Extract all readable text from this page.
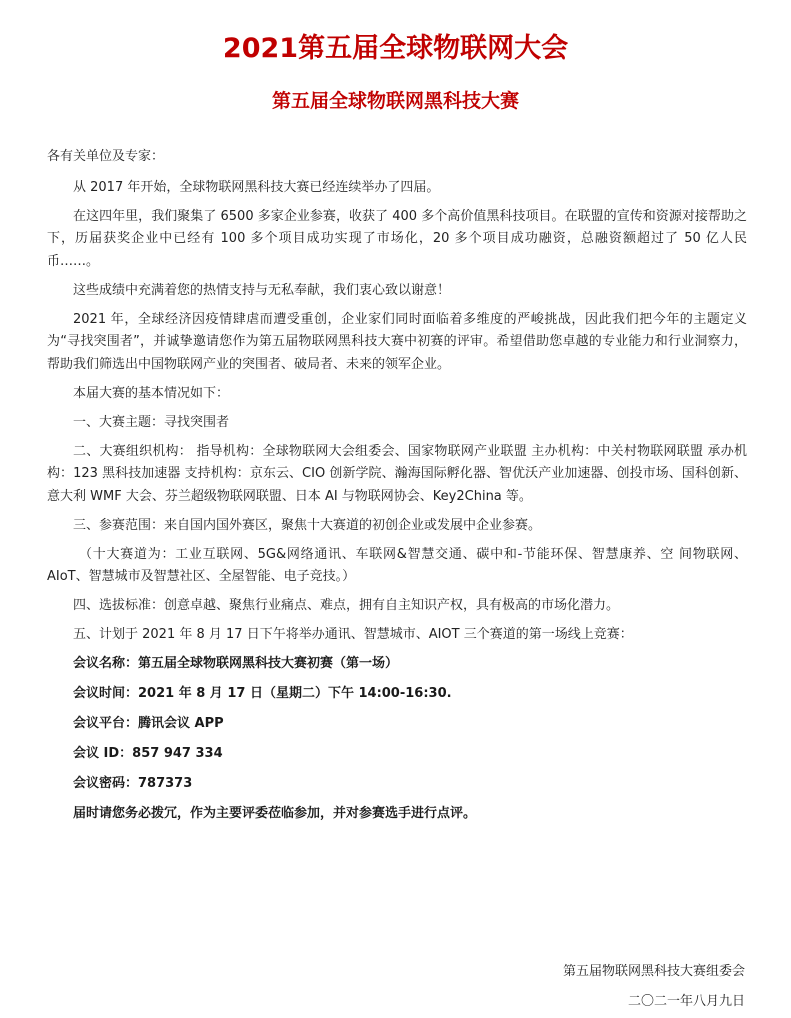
2021第五届全球物联网大会
第五届全球物联网黑科技大赛
各有关单位及专家：

从 2017 年开始，全球物联网黑科技大赛已经连续举办了四届。

在这四年里，我们聚集了 6500 多家企业参赛，收获了 400 多个高价值黑科技项目。在联盟的宣传和资源对接帮助之下，历届获奖企业中已经有 100 多个项目成功实现了市场化，20 多个项目成功融资，总融资额超过了 50 亿人民币……。

这些成绩中充满着您的热情支持与无私奉献，我们衷心致以谢意！

2021 年，全球经济因疫情肆虐而遭受重创，企业家们同时面临着多维度的严峻挑战，因此我们把今年的主题定义为“寻找突围者”，并诚挚邀请您作为第五届物联网黑科技大赛中初赛的评审。希望借助您卓越的专业能力和行业洞察力，帮助我们筛选出中国物联网产业的突围者、破局者、未来的领军企业。

本届大赛的基本情况如下：

一、大赛主题：寻找突围者

二、大赛组织机构： 指导机构：全球物联网大会组委会、国家物联网产业联盟 主办机构：中关村物联网联盟 承办机构：123 黑科技加速器 支持机构：京东云、CIO 创新学院、瀚海国际孵化器、智优沃产业加速器、创投市场、国科创新、 意大利 WMF 大会、芬兰超级物联网联盟、日本 AI 与物联网协会、Key2China 等。

三、参赛范围：来自国内国外赛区，聚焦十大赛道的初创企业或发展中企业参赛。

（十大赛道为：工业互联网、5G&网络通讯、车联网&智慧交通、碳中和-节能环保、智慧康养、空 间物联网、AIoT、智慧城市及智慧社区、全屋智能、电子竞技。）

四、选拔标准：创意卓越、聚焦行业痛点、难点，拥有自主知识产权，具有极高的市场化潜力。

五、计划于 2021 年 8 月 17 日下午将举办通讯、智慧城市、AIOT 三个赛道的第一场线上竞赛：

会议名称：第五届全球物联网黑科技大赛初赛（第一场）
会议时间：2021 年 8 月 17 日（星期二）下午 14:00-16:30.
会议平台：腾讯会议 APP
会议 ID：857 947 334
会议密码：787373
届时请您务必拨冗，作为主要评委莅临参加，并对参赛选手进行点评。
第五届物联网黑科技大赛组委会
二〇二一年八月九日
